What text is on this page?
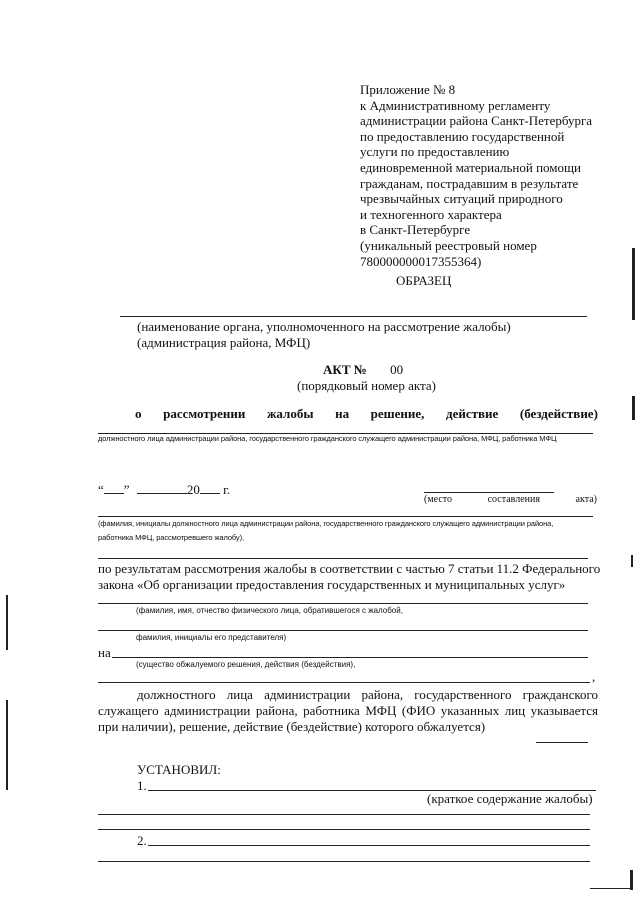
Приложение № 8
к Административному регламенту
администрации района Санкт-Петербурга
по предоставлению государственной
услуги по предоставлению
единовременной материальной помощи
гражданам, пострадавшим в результате
чрезвычайных ситуаций природного
и техногенного характера
в Санкт-Петербурге
(уникальный реестровый номер
780000000017355364)
ОБРАЗЕЦ
(наименование органа, уполномоченного на рассмотрение жалобы)
(администрация района, МФЦ)
АКТ № 00
(порядковый номер акта)
о рассмотрении жалобы на решение, действие (бездействие)
должностного лица администрации района, государственного гражданского служащего администрации района, МФЦ, работника МФЦ
“ ”	20 г.
(место	составления	акта)
(фамилия, инициалы должностного лица администрации района, государственного гражданского служащего администрации района,
работника МФЦ, рассмотревшего жалобу),
по результатам рассмотрения жалобы в соответствии с частью 7 статьи 11.2 Федерального
закона «Об организации предоставления государственных и муниципальных услуг»
(фамилия, имя, отчество физического лица, обратившегося с жалобой,
фамилия, инициалы его представителя)
на
(существо обжалуемого решения, действия (бездействия),
,
должностного лица администрации района, государственного гражданского
служащего администрации района, работника МФЦ (ФИО указанных лиц указывается
при наличии), решение, действие (бездействие) которого обжалуется)
УСТАНОВИЛ:
1.
(краткое содержание жалобы)
2.
